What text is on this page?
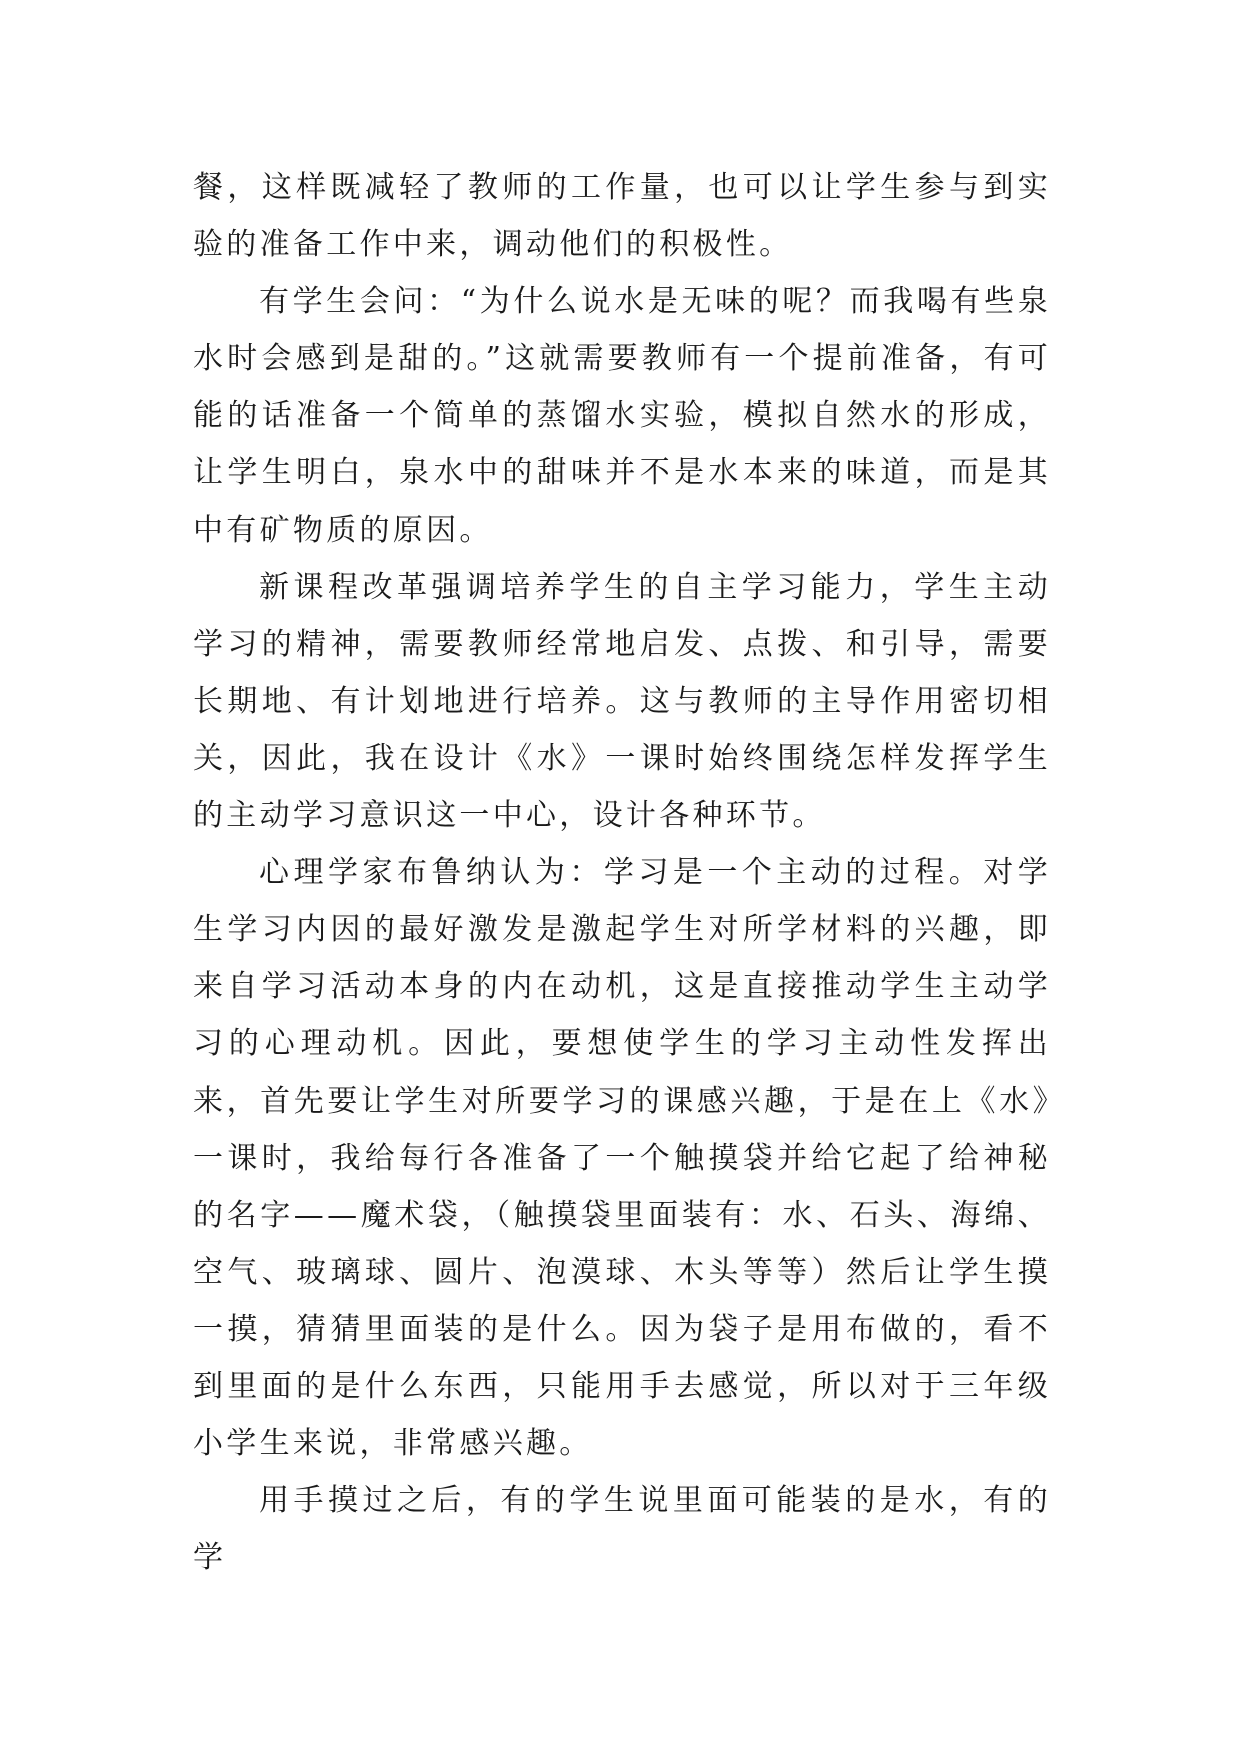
餐，这样既减轻了教师的工作量，也可以让学生参与到实验的准备工作中来，调动他们的积极性。

有学生会问：“为什么说水是无味的呢？而我喝有些泉水时会感到是甜的。”这就需要教师有一个提前准备，有可能的话准备一个简单的蒸馏水实验，模拟自然水的形成，让学生明白，泉水中的甜味并不是水本来的味道，而是其中有矿物质的原因。

新课程改革强调培养学生的自主学习能力，学生主动学习的精神，需要教师经常地启发、点拨、和引导，需要长期地、有计划地进行培养。这与教师的主导作用密切相关，因此，我在设计《水》一课时始终围绕怎样发挥学生的主动学习意识这一中心，设计各种环节。

心理学家布鲁纳认为：学习是一个主动的过程。对学生学习内因的最好激发是激起学生对所学材料的兴趣，即来自学习活动本身的内在动机，这是直接推动学生主动学习的心理动机。因此，要想使学生的学习主动性发挥出来，首先要让学生对所要学习的课感兴趣，于是在上《水》一课时，我给每行各准备了一个触摸袋并给它起了给神秘的名字——魔术袋，（触摸袋里面装有：水、石头、海绵、空气、玻璃球、圆片、泡漠球、木头等等）然后让学生摸一摸，猜猜里面装的是什么。因为袋子是用布做的，看不到里面的是什么东西，只能用手去感觉，所以对于三年级小学生来说，非常感兴趣。

用手摸过之后，有的学生说里面可能装的是水，有的学
